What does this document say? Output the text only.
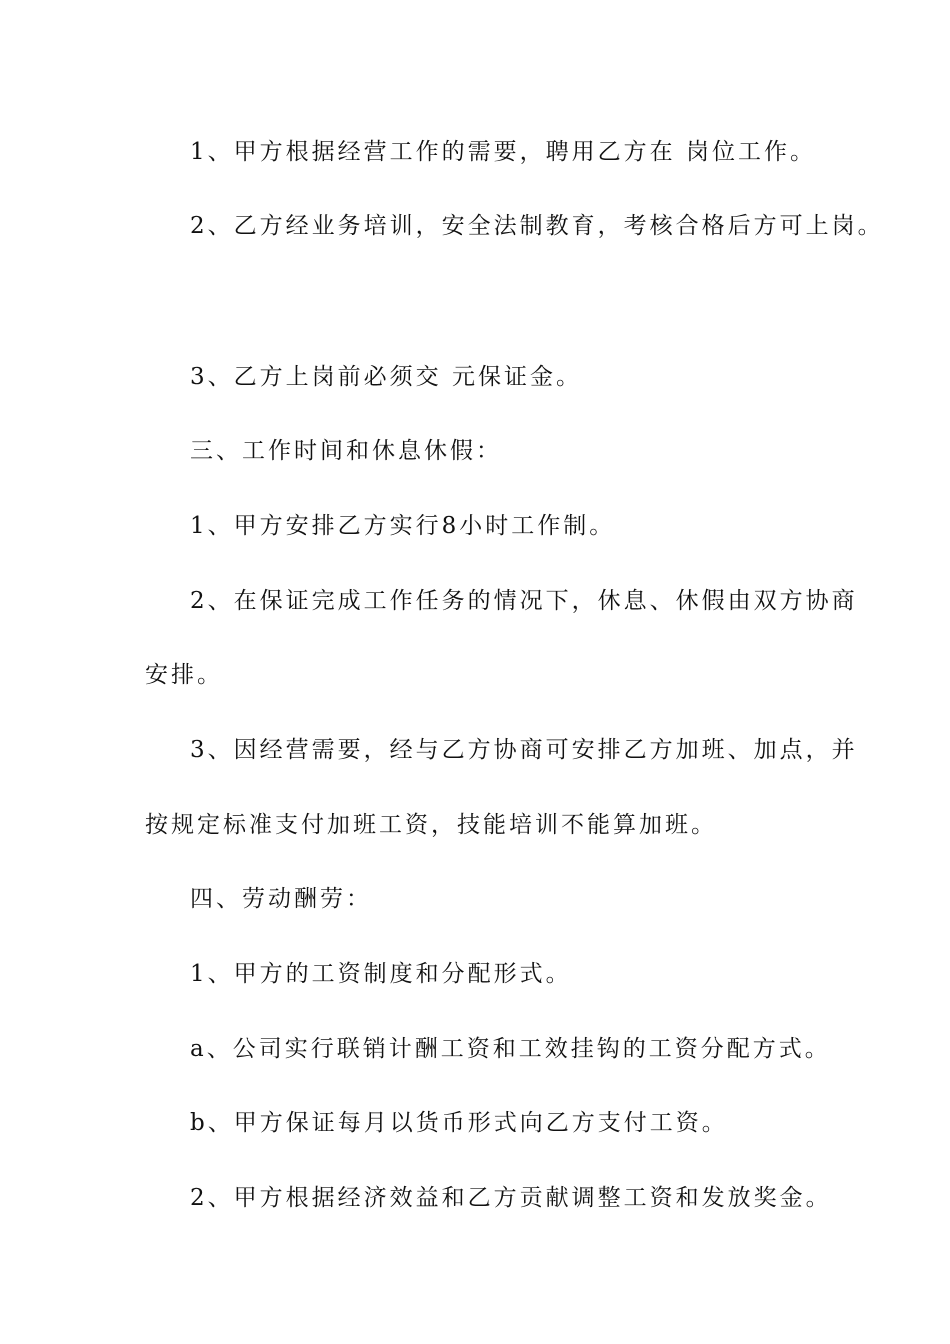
1、甲方根据经营工作的需要，聘用乙方在 岗位工作。
2、乙方经业务培训，安全法制教育，考核合格后方可上岗。
3、乙方上岗前必须交 元保证金。
三、工作时间和休息休假：
1、甲方安排乙方实行8小时工作制。
2、在保证完成工作任务的情况下，休息、休假由双方协商
安排。
3、因经营需要，经与乙方协商可安排乙方加班、加点，并
按规定标准支付加班工资，技能培训不能算加班。
四、劳动酬劳：
1、甲方的工资制度和分配形式。
a、公司实行联销计酬工资和工效挂钩的工资分配方式。
b、甲方保证每月以货币形式向乙方支付工资。
2、甲方根据经济效益和乙方贡献调整工资和发放奖金。
